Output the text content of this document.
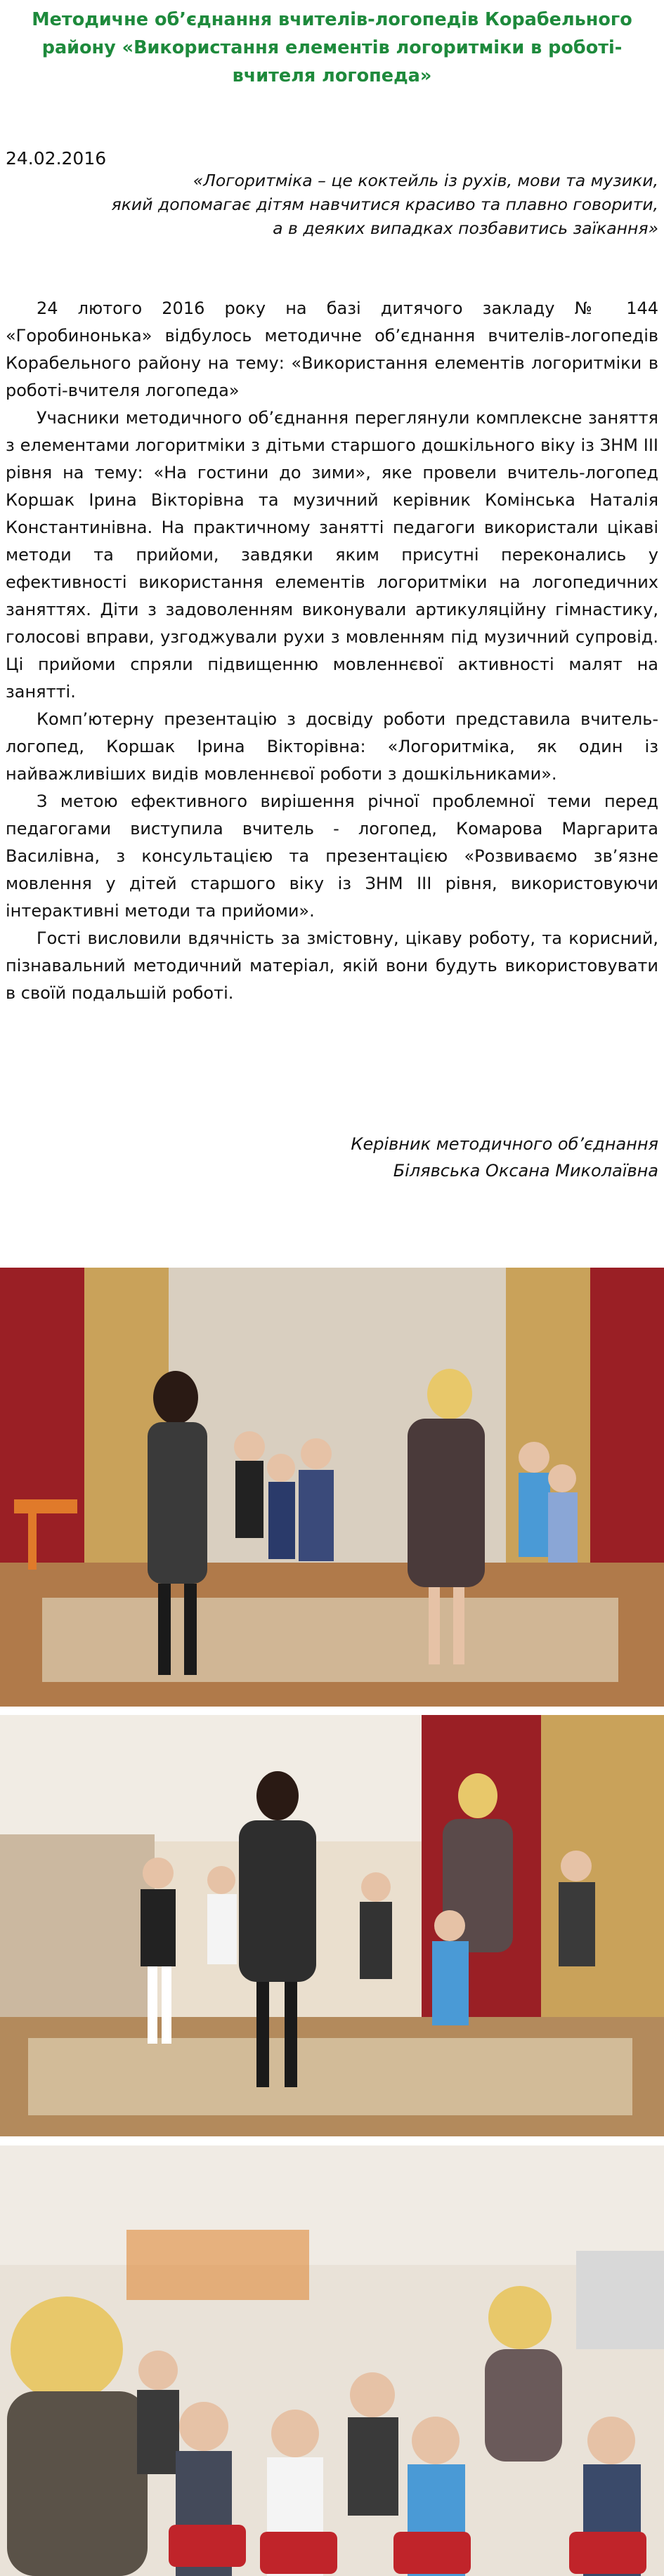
Методичне об’єднання вчителів-логопедів Корабельного району «Використання елементів логоритміки в роботі-вчителя логопеда»
24.02.2016
«Логоритміка – це коктейль із рухів, мови та музики,
який допомагає дітям навчитися красиво та плавно говорити,
а в деяких випадках позбавитись заїкання»

24 лютого 2016 року на базі дитячого закладу № 144 «Горобинонька» відбулось методичне об’єднання вчителів-логопедів Корабельного району на тему: «Використання елементів логоритміки в роботі-вчителя логопеда»

Учасники методичного об’єднання переглянули комплексне заняття з елементами логоритміки з дітьми старшого дошкільного віку із ЗНМ ІІІ рівня на тему: «На гостини до зими», яке провели вчитель-логопед Коршак Ірина Вікторівна та музичний керівник Комінська Наталія Константинівна. На практичному занятті педагоги використали цікаві методи та прийоми, завдяки яким присутні переконались у ефективності використання елементів логоритміки на логопедичних заняттях. Діти з задоволенням виконували артикуляційну гімнастику, голосові вправи, узгоджували рухи з мовленням під музичний супровід. Ці прийоми спряли підвищенню мовленнєвої активності малят на занятті.

Комп’ютерну презентацію з досвіду роботи представила вчитель- логопед, Коршак Ірина Вікторівна: «Логоритміка, як один із найважливіших видів мовленнєвої роботи з дошкільниками».

З метою ефективного вирішення річної проблемної теми перед педагогами виступила вчитель - логопед, Комарова Маргарита Василівна, з консультацією та презентацією «Розвиваємо зв’язне мовлення у дітей старшого віку із ЗНМ ІІІ рівня, використовуючи інтерактивні методи та прийоми».

Гості висловили вдячність за змістовну, цікаву роботу, та корисний, пізнавальний методичний матеріал, якій вони будуть використовувати в своїй подальшій роботі.

Керівник методичного об’єднання
Білявська Оксана Миколаївна
